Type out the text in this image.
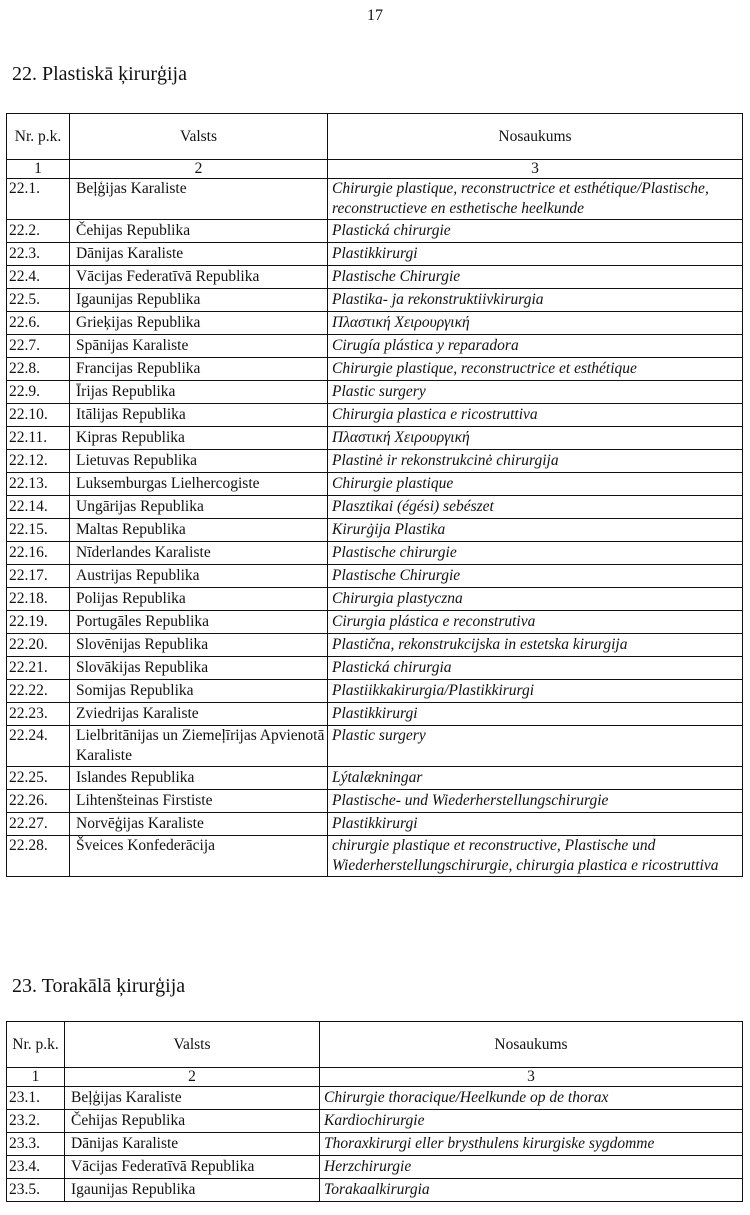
17
22. Plastiskā ķirurģija
Nr. p.k.	Valsts	Nosaukums
1	2	3
22.1.	Beļģijas Karaliste	Chirurgie plastique, reconstructrice et esthétique/Plastische, reconstructieve en esthetische heelkunde
22.2.	Čehijas Republika	Plastická chirurgie
22.3.	Dānijas Karaliste	Plastikkirurgi
22.4.	Vācijas Federatīvā Republika	Plastische Chirurgie
22.5.	Igaunijas Republika	Plastika- ja rekonstruktiivkirurgia
22.6.	Grieķijas Republika	Πλαστική Χειρουργική
22.7.	Spānijas Karaliste	Cirugía plástica y reparadora
22.8.	Francijas Republika	Chirurgie plastique, reconstructrice et esthétique
22.9.	Īrijas Republika	Plastic surgery
22.10.	Itālijas Republika	Chirurgia plastica e ricostruttiva
22.11.	Kipras Republika	Πλαστική Χειρουργική
22.12.	Lietuvas Republika	Plastinė ir rekonstrukcinė chirurgija
22.13.	Luksemburgas Lielhercogiste	Chirurgie plastique
22.14.	Ungārijas Republika	Plasztikai (égési) sebészet
22.15.	Maltas Republika	Kirurġija Plastika
22.16.	Nīderlandes Karaliste	Plastische chirurgie
22.17.	Austrijas Republika	Plastische Chirurgie
22.18.	Polijas Republika	Chirurgia plastyczna
22.19.	Portugāles Republika	Cirurgia plástica e reconstrutiva
22.20.	Slovēnijas Republika	Plastična, rekonstrukcijska in estetska kirurgija
22.21.	Slovākijas Republika	Plastická chirurgia
22.22.	Somijas Republika	Plastiikkakirurgia/Plastikkirurgi
22.23.	Zviedrijas Karaliste	Plastikkirurgi
22.24.	Lielbritānijas un Ziemeļīrijas Apvienotā Karaliste	Plastic surgery
22.25.	Islandes Republika	Lýtalækningar
22.26.	Lihtenšteinas Firstiste	Plastische- und Wiederherstellungschirurgie
22.27.	Norvēģijas Karaliste	Plastikkirurgi
22.28.	Šveices Konfederācija	chirurgie plastique et reconstructive, Plastische und Wiederherstellungschirurgie, chirurgia plastica e ricostruttiva
23. Torakālā ķirurģija
Nr. p.k.	Valsts	Nosaukums
1	2	3
23.1.	Beļģijas Karaliste	Chirurgie thoracique/Heelkunde op de thorax
23.2.	Čehijas Republika	Kardiochirurgie
23.3.	Dānijas Karaliste	Thoraxkirurgi eller brysthulens kirurgiske sygdomme
23.4.	Vācijas Federatīvā Republika	Herzchirurgie
23.5.	Igaunijas Republika	Torakaalkirurgia
